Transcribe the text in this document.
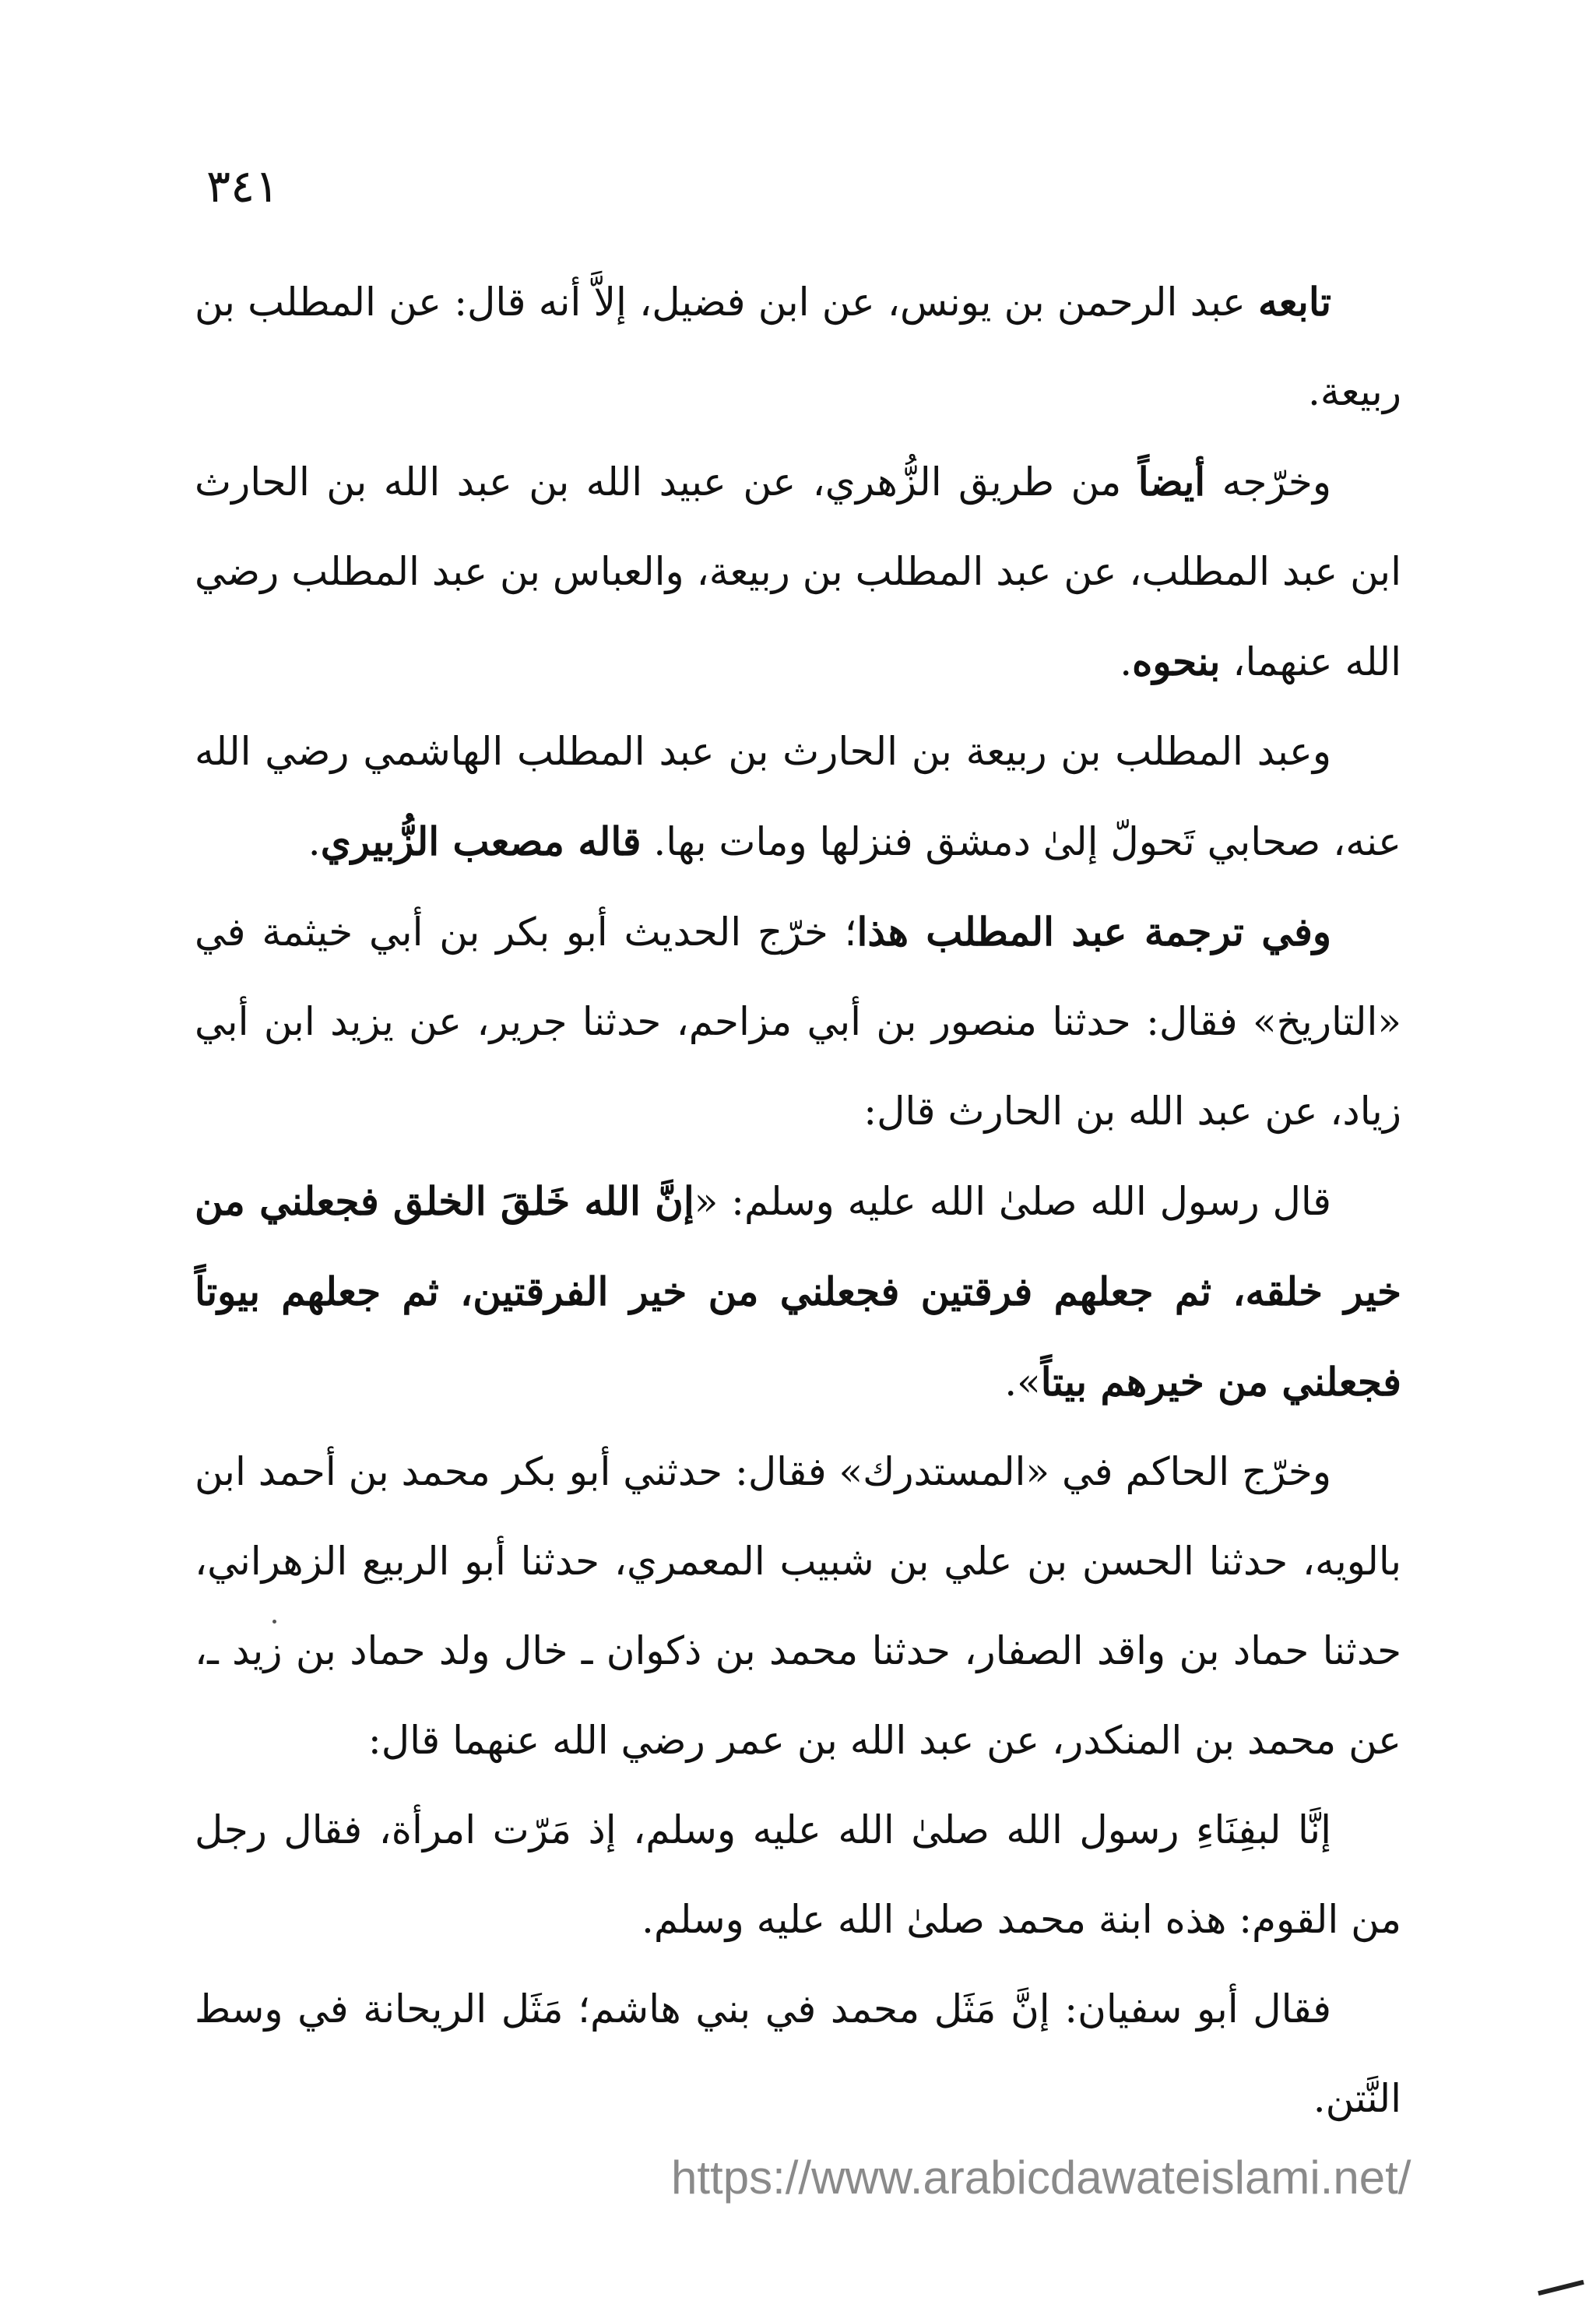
٣٤١

تابعه عبد الرحمن بن يونس، عن ابن فضيل، إلاَّ أنه قال: عن المطلب بن ربيعة.

وخرّجه أيضاً من طريق الزُّهري، عن عبيد الله بن عبد الله بن الحارث ابن عبد المطلب، عن عبد المطلب بن ربيعة، والعباس بن عبد المطلب رضي الله عنهما، بنحوه.

وعبد المطلب بن ربيعة بن الحارث بن عبد المطلب الهاشمي رضي الله عنه، صحابي تَحولّ إلىٰ دمشق فنزلها ومات بها. قاله مصعب الزُّبيري.

وفي ترجمة عبد المطلب هذا؛ خرّج الحديث أبو بكر بن أبي خيثمة في «التاريخ» فقال: حدثنا منصور بن أبي مزاحم، حدثنا جرير، عن يزيد ابن أبي زياد، عن عبد الله بن الحارث قال:

قال رسول الله صلىٰ الله عليه وسلم: «إنَّ الله خَلقَ الخلق فجعلني من خير خلقه، ثم جعلهم فرقتين فجعلني من خير الفرقتين، ثم جعلهم بيوتاً فجعلني من خيرهم بيتاً».

وخرّج الحاكم في «المستدرك» فقال: حدثني أبو بكر محمد بن أحمد ابن بالويه، حدثنا الحسن بن علي بن شبيب المعمري، حدثنا أبو الربيع الزهراني، حدثنا حماد بن واقد الصفار، حدثنا محمد بن ذكوان ـ خال ولد حماد بن زيد ـ، عن محمد بن المنكدر، عن عبد الله بن عمر رضي الله عنهما قال:

إنَّا لبفِنَاءِ رسول الله صلىٰ الله عليه وسلم، إذ مَرّت امرأة، فقال رجل من القوم: هذه ابنة محمد صلىٰ الله عليه وسلم.

فقال أبو سفيان: إنَّ مَثَل محمد في بني هاشم؛ مَثَل الريحانة في وسط النَّتن.

https://www.arabicdawateislami.net/
